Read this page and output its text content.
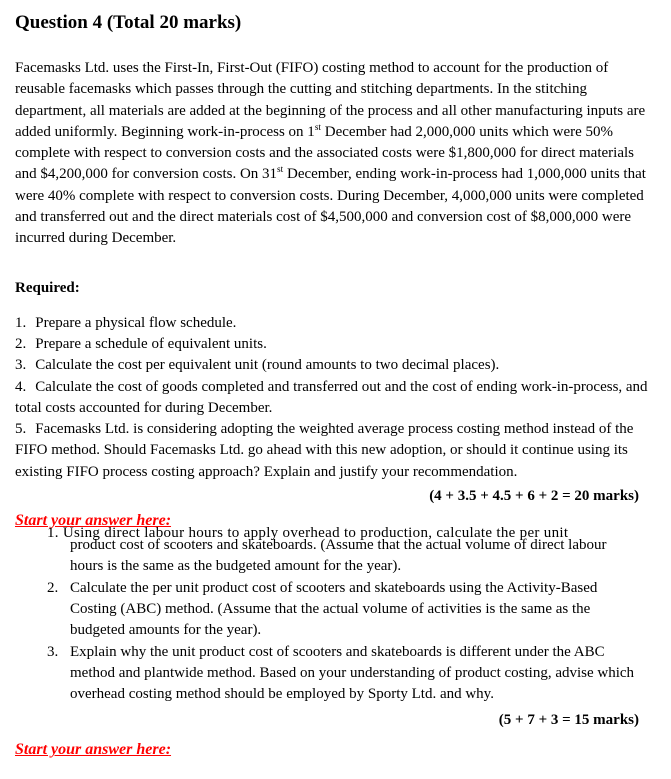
Question 4 (Total 20 marks)
Facemasks Ltd. uses the First-In, First-Out (FIFO) costing method to account for the production of reusable facemasks which passes through the cutting and stitching departments. In the stitching department, all materials are added at the beginning of the process and all other manufacturing inputs are added uniformly. Beginning work-in-process on 1st December had 2,000,000 units which were 50% complete with respect to conversion costs and the associated costs were $1,800,000 for direct materials and $4,200,000 for conversion costs. On 31st December, ending work-in-process had 1,000,000 units that were 40% complete with respect to conversion costs. During December, 4,000,000 units were completed and transferred out and the direct materials cost of $4,500,000 and conversion cost of $8,000,000 were incurred during December.
Required:
1. Prepare a physical flow schedule.
2. Prepare a schedule of equivalent units.
3. Calculate the cost per equivalent unit (round amounts to two decimal places).
4. Calculate the cost of goods completed and transferred out and the cost of ending work-in-process, and total costs accounted for during December.
5. Facemasks Ltd. is considering adopting the weighted average process costing method instead of the FIFO method. Should Facemasks Ltd. go ahead with this new adoption, or should it continue using its existing FIFO process costing approach? Explain and justify your recommendation.
(4 + 3.5 + 4.5 + 6 + 2 = 20 marks)
Start your answer here:
1. Using direct labour hours to apply overhead to production, calculate the per unit
product cost of scooters and skateboards. (Assume that the actual volume of direct labour hours is the same as the budgeted amount for the year).
2. Calculate the per unit product cost of scooters and skateboards using the Activity-Based Costing (ABC) method. (Assume that the actual volume of activities is the same as the budgeted amounts for the year).
3. Explain why the unit product cost of scooters and skateboards is different under the ABC method and plantwide method. Based on your understanding of product costing, advise which overhead costing method should be employed by Sporty Ltd. and why.
(5 + 7 + 3 = 15 marks)
Start your answer here:
